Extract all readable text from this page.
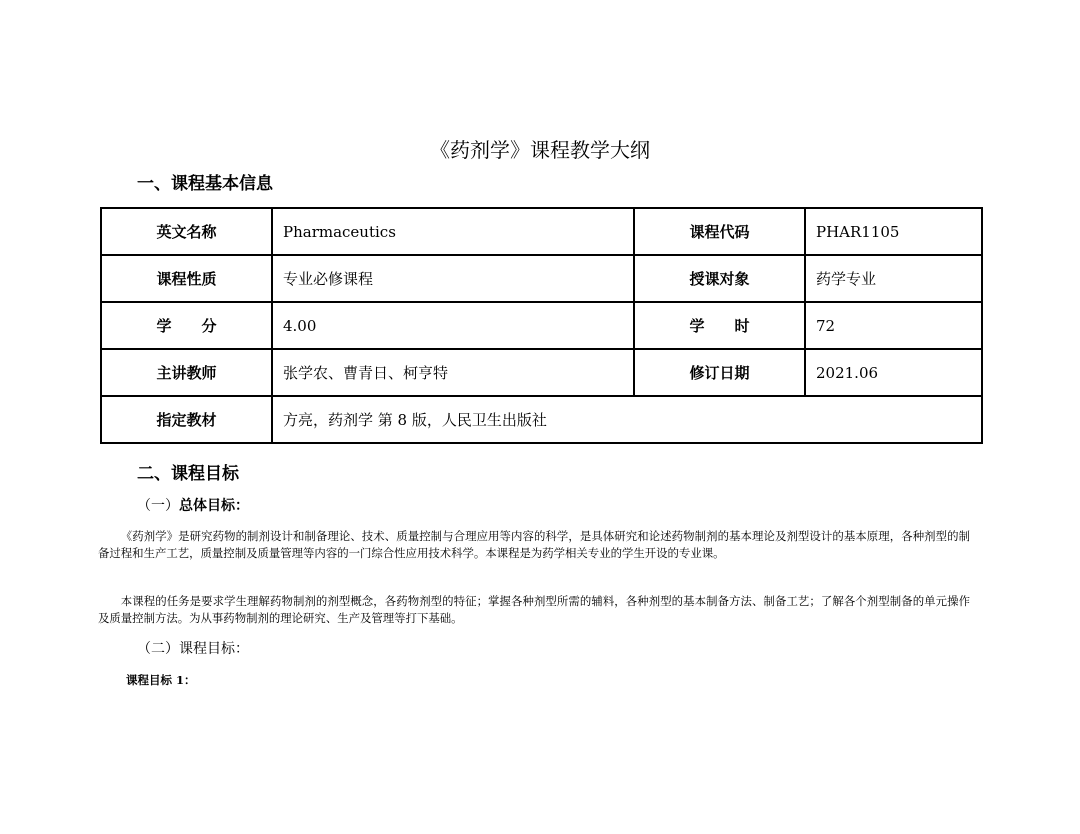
《药剂学》课程教学大纲
一、课程基本信息
英文名称	Pharmaceutics	课程代码	PHAR1105
课程性质	专业必修课程	授课对象	药学专业
学　　分	4.00	学　　时	72
主讲教师	张学农、曹青日、柯亨特	修订日期	2021.06
指定教材	方亮，药剂学 第 8 版，人民卫生出版社		
二、课程目标
（一）总体目标：

《药剂学》是研究药物的制剂设计和制备理论、技术、质量控制与合理应用等内容的科学，是具体研究和论述药物制剂的基本理论及剂型设计的基本原理，各种剂型的制备过程和生产工艺，质量控制及质量管理等内容的一门综合性应用技术科学。本课程是为药学相关专业的学生开设的专业课。

本课程的任务是要求学生理解药物制剂的剂型概念，各药物剂型的特征；掌握各种剂型所需的辅料，各种剂型的基本制备方法、制备工艺；了解各个剂型制备的单元操作及质量控制方法。为从事药物制剂的理论研究、生产及管理等打下基础。

（二）课程目标：
课程目标 1：
